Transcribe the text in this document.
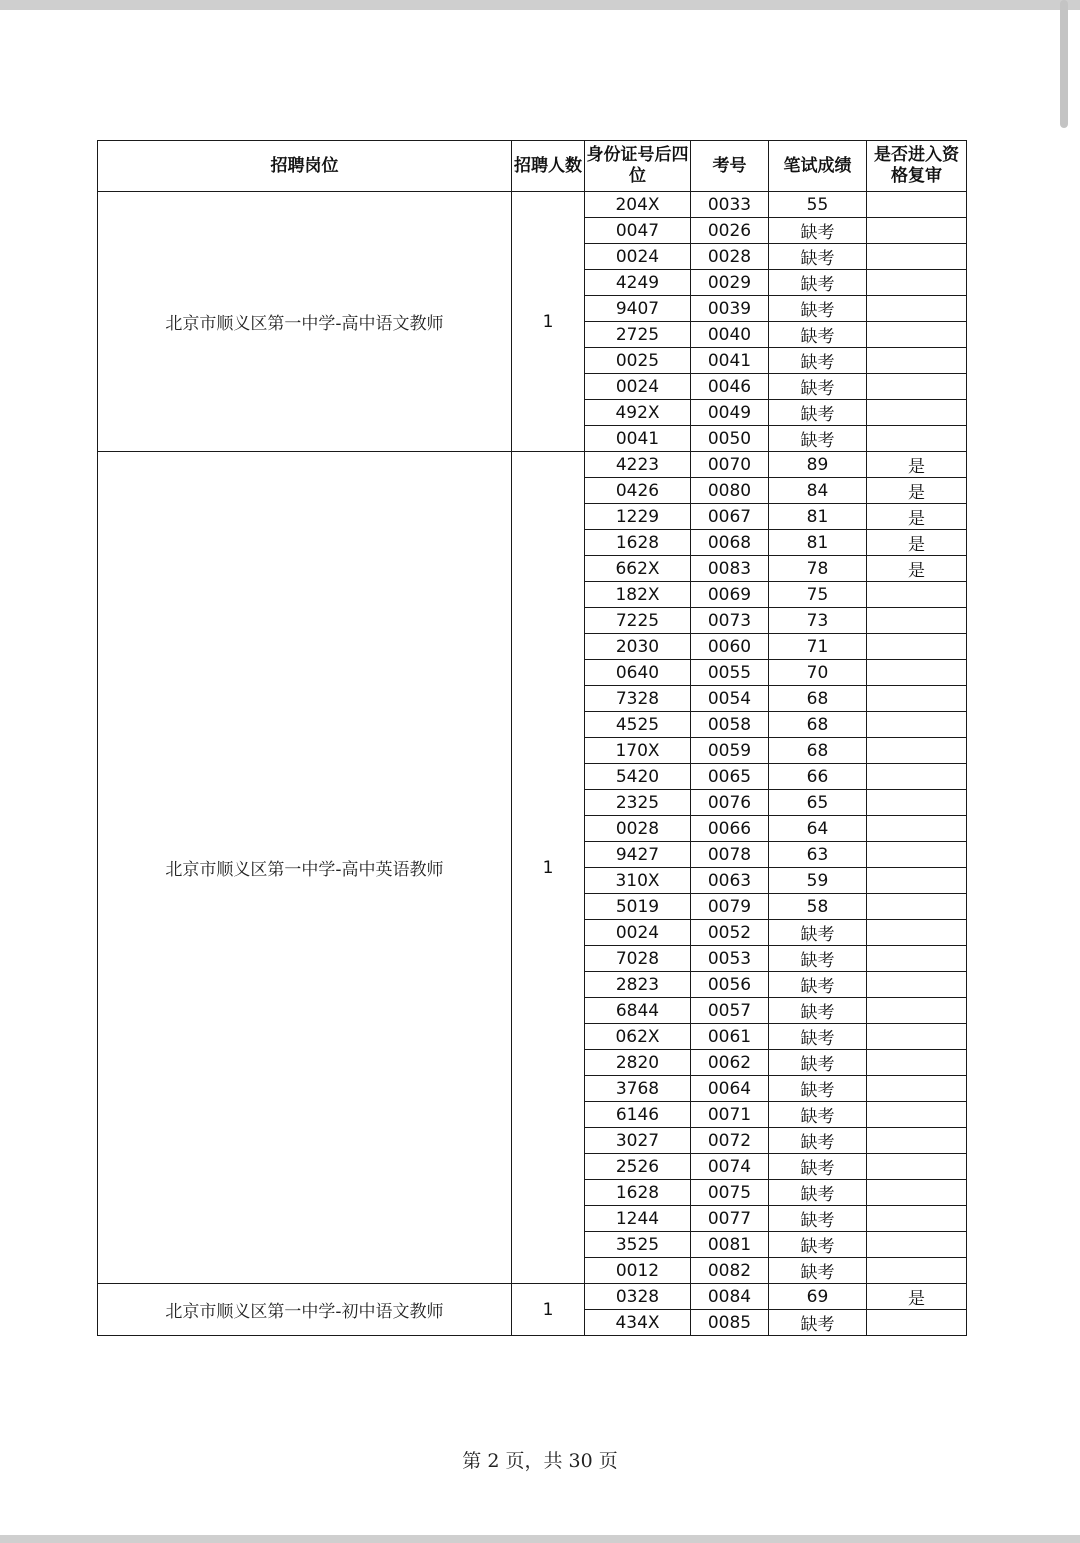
招聘岗位	招聘人数	身份证号后四位	考号	笔试成绩	是否进入资格复审
北京市顺义区第一中学-高中语文教师	1	204X	0033	55	
		0047	0026	缺考	
		0024	0028	缺考	
		4249	0029	缺考	
		9407	0039	缺考	
		2725	0040	缺考	
		0025	0041	缺考	
		0024	0046	缺考	
		492X	0049	缺考	
		0041	0050	缺考	
北京市顺义区第一中学-高中英语教师	1	4223	0070	89	是
		0426	0080	84	是
		1229	0067	81	是
		1628	0068	81	是
		662X	0083	78	是
		182X	0069	75	
		7225	0073	73	
		2030	0060	71	
		0640	0055	70	
		7328	0054	68	
		4525	0058	68	
		170X	0059	68	
		5420	0065	66	
		2325	0076	65	
		0028	0066	64	
		9427	0078	63	
		310X	0063	59	
		5019	0079	58	
		0024	0052	缺考	
		7028	0053	缺考	
		2823	0056	缺考	
		6844	0057	缺考	
		062X	0061	缺考	
		2820	0062	缺考	
		3768	0064	缺考	
		6146	0071	缺考	
		3027	0072	缺考	
		2526	0074	缺考	
		1628	0075	缺考	
		1244	0077	缺考	
		3525	0081	缺考	
		0012	0082	缺考	
北京市顺义区第一中学-初中语文教师	1	0328	0084	69	是
		434X	0085	缺考	
第 2 页，共 30 页
